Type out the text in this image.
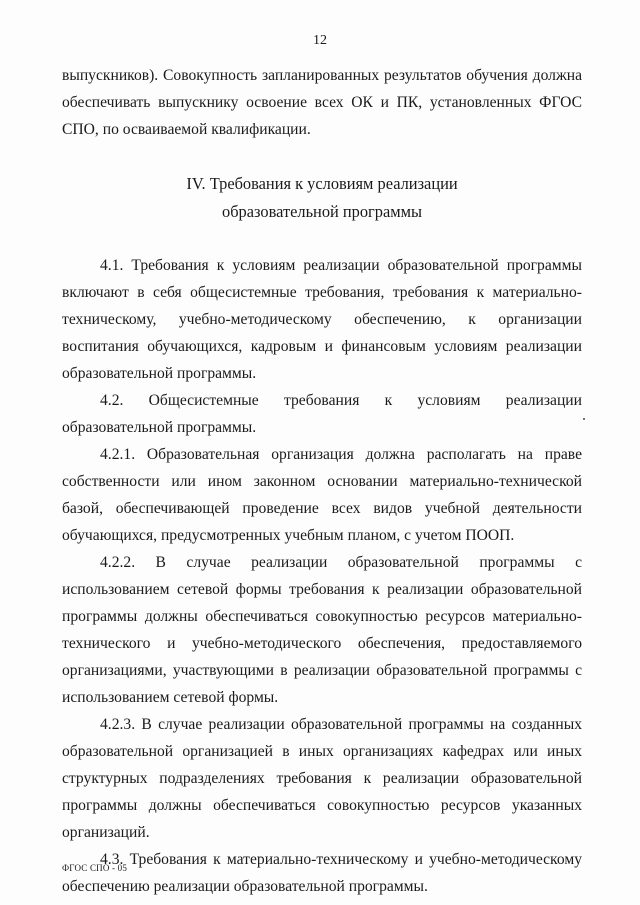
12

выпускников). Совокупность запланированных результатов обучения должна обеспечивать выпускнику освоение всех ОК и ПК, установленных ФГОС СПО, по осваиваемой квалификации.

IV. Требования к условиям реализации
образовательной программы

4.1. Требования к условиям реализации образовательной программы включают в себя общесистемные требования, требования к материально-техническому, учебно-методическому обеспечению, к организации воспитания обучающихся, кадровым и финансовым условиям реализации образовательной программы.

4.2. Общесистемные требования к условиям реализации образовательной программы.

4.2.1. Образовательная организация должна располагать на праве собственности или ином законном основании материально-технической базой, обеспечивающей проведение всех видов учебной деятельности обучающихся, предусмотренных учебным планом, с учетом ПООП.

4.2.2. В случае реализации образовательной программы с использованием сетевой формы требования к реализации образовательной программы должны обеспечиваться совокупностью ресурсов материально-технического и учебно-методического обеспечения, предоставляемого организациями, участвующими в реализации образовательной программы с использованием сетевой формы.

4.2.3. В случае реализации образовательной программы на созданных образовательной организацией в иных организациях кафедрах или иных структурных подразделениях требования к реализации образовательной программы должны обеспечиваться совокупностью ресурсов указанных организаций.

4.3. Требования к материально-техническому и учебно-методическому обеспечению реализации образовательной программы.

ФГОС СПО - 05
